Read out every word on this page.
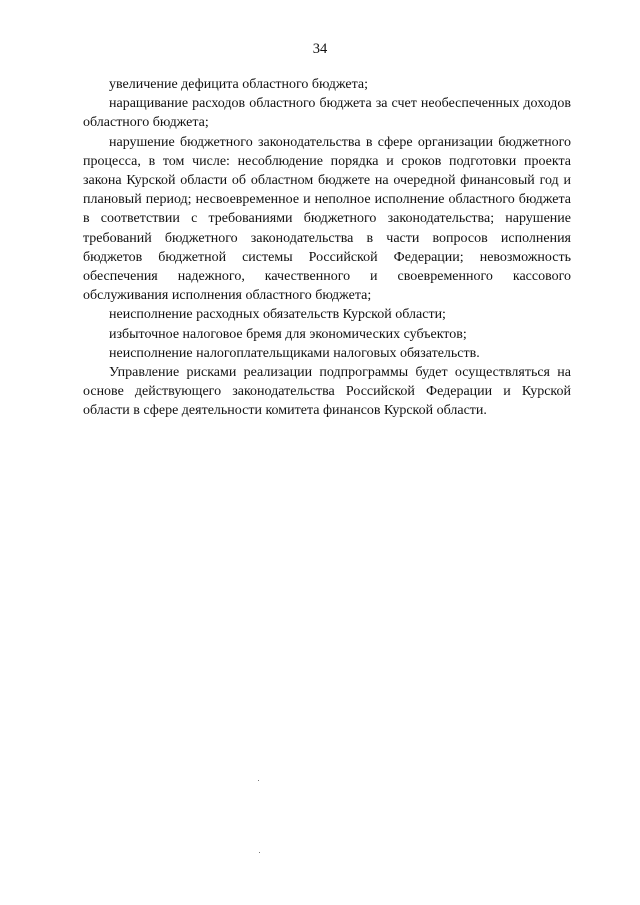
34

увеличение дефицита областного бюджета;

наращивание расходов областного бюджета за счет необеспеченных доходов областного бюджета;

нарушение бюджетного законодательства в сфере организации бюджетного процесса, в том числе: несоблюдение порядка и сроков подготовки проекта закона Курской области об областном бюджете на очередной финансовый год и плановый период; несвоевременное и неполное исполнение областного бюджета в соответствии с требованиями бюджетного законодательства; нарушение требований бюджетного законодательства в части вопросов исполнения бюджетов бюджетной системы Российской Федерации; невозможность обеспечения надежного, качественного и своевременного кассового обслуживания исполнения областного бюджета;

неисполнение расходных обязательств Курской области;

избыточное налоговое бремя для экономических субъектов;

неисполнение налогоплательщиками налоговых обязательств.

Управление рисками реализации подпрограммы будет осуществляться на основе действующего законодательства Российской Федерации и Курской области в сфере деятельности комитета финансов Курской области.
